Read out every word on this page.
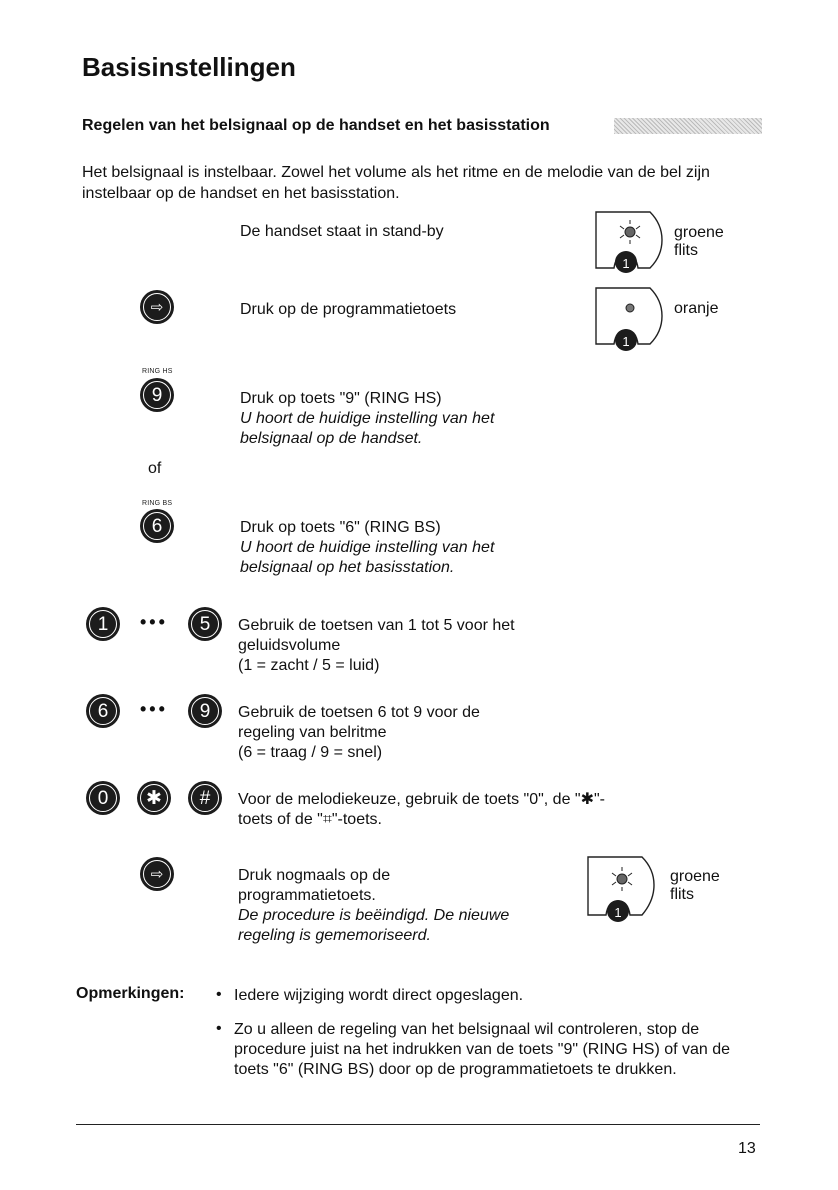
Basisinstellingen
Regelen van het belsignaal op de handset en het basisstation
Het belsignaal is instelbaar. Zowel het volume als het ritme en de melodie van de bel zijn instelbaar op de handset en het basisstation.
De handset staat in stand-by
1
groene flits
⇨	Druk op de programmatietoets
1
oranje
RING HS
9	Druk op toets "9" (RING HS)
U hoort de huidige instelling van het belsignaal op de handset.
of
RING BS
6	Druk op toets "6" (RING BS)
U hoort de huidige instelling van het belsignaal op het basisstation.
1	•••	5	Gebruik de toetsen van 1 tot 5 voor het geluidsvolume
(1 = zacht / 5 = luid)
6	•••	9	Gebruik de toetsen 6 tot 9 voor de regeling van belritme
(6 = traag / 9 = snel)
0	✱	#	Voor de melodiekeuze, gebruik de toets "0", de "✱"-toets of de "⌗"-toets.
⇨	Druk nogmaals op de programmatietoets.
De procedure is beëindigd. De nieuwe regeling is gememoriseerd.
1
groene flits
Opmerkingen: • Iedere wijziging wordt direct opgeslagen.
• Zo u alleen de regeling van het belsignaal wil controleren, stop de procedure juist na het indrukken van de toets "9" (RING HS) of van de toets "6" (RING BS) door op de programmatietoets te drukken.
13
